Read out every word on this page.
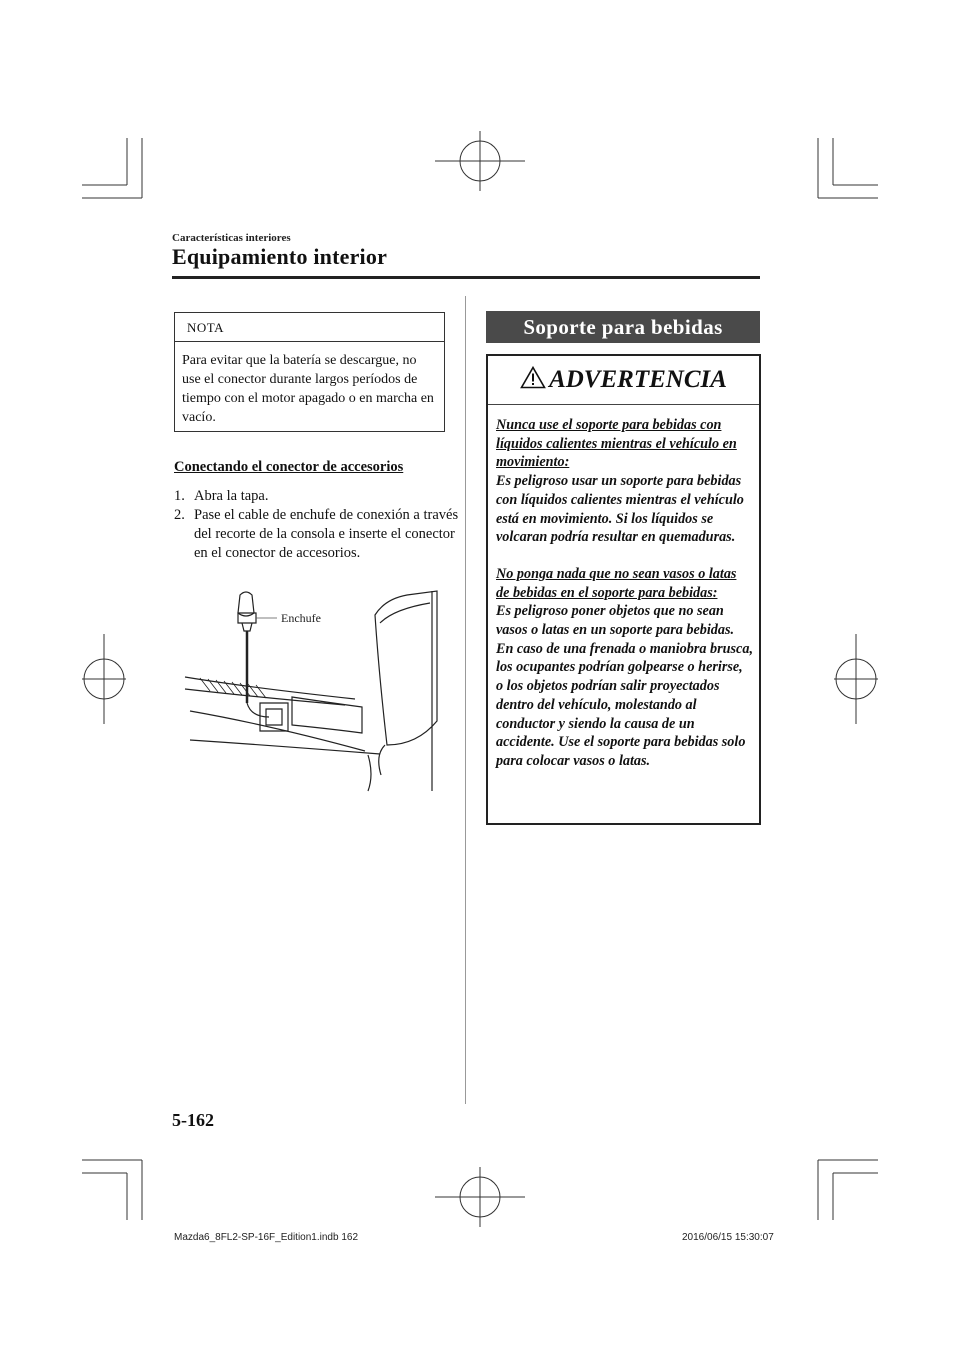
Características interiores
Equipamiento interior
NOTA
Para evitar que la batería se descargue, no use el conector durante largos períodos de tiempo con el motor apagado o en marcha en vacío.
Conectando el conector de accesorios
1. Abra la tapa.
2. Pase el cable de enchufe de conexión a través del recorte de la consola e inserte el conector en el conector de accesorios.
Enchufe
Soporte para bebidas
ADVERTENCIA

Nunca use el soporte para bebidas con líquidos calientes mientras el vehículo en movimiento:

Es peligroso usar un soporte para bebidas con líquidos calientes mientras el vehículo está en movimiento. Si los líquidos se volcaran podría resultar en quemaduras.

No ponga nada que no sean vasos o latas de bebidas en el soporte para bebidas:

Es peligroso poner objetos que no sean vasos o latas en un soporte para bebidas. En caso de una frenada o maniobra brusca, los ocupantes podrían golpearse o herirse, o los objetos podrían salir proyectados dentro del vehículo, molestando al conductor y siendo la causa de un accidente. Use el soporte para bebidas solo para colocar vasos o latas.

5-162
Mazda6_8FL2-SP-16F_Edition1.indb 162	2016/06/15 15:30:07
